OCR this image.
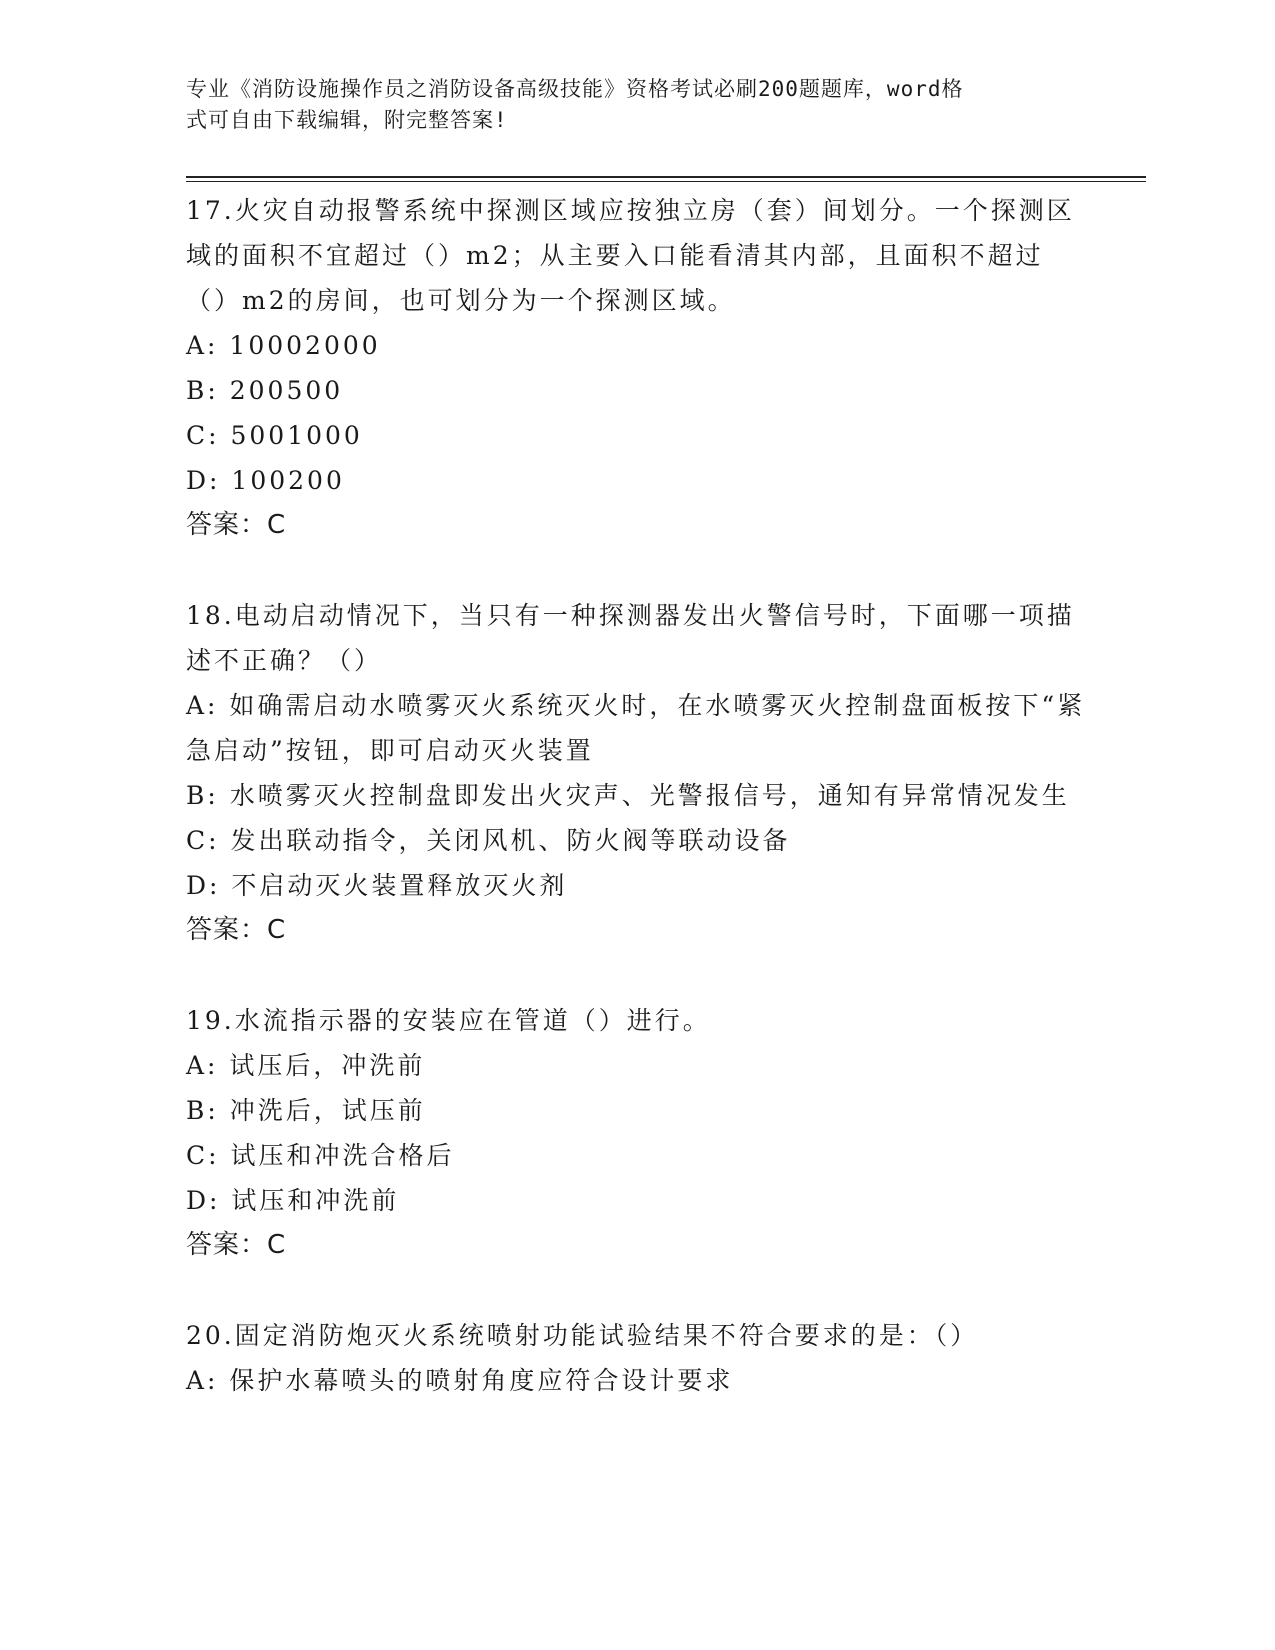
专业《消防设施操作员之消防设备高级技能》资格考试必刷200题题库，word格
式可自由下载编辑，附完整答案!

17.火灾自动报警系统中探测区域应按独立房（套）间划分。一个探测区域的面积不宜超过（）m2；从主要入口能看清其内部，且面积不超过（）m2的房间，也可划分为一个探测区域。

A: 10002000

B: 200500

C: 5001000

D: 100200

答案：C

18.电动启动情况下，当只有一种探测器发出火警信号时，下面哪一项描述不正确？（）

A: 如确需启动水喷雾灭火系统灭火时，在水喷雾灭火控制盘面板按下“紧急启动”按钮，即可启动灭火装置

B: 水喷雾灭火控制盘即发出火灾声、光警报信号，通知有异常情况发生

C: 发出联动指令，关闭风机、防火阀等联动设备

D: 不启动灭火装置释放灭火剂

答案：C

19.水流指示器的安装应在管道（）进行。

A: 试压后，冲洗前

B: 冲洗后，试压前

C: 试压和冲洗合格后

D: 试压和冲洗前

答案：C

20.固定消防炮灭火系统喷射功能试验结果不符合要求的是：（）

A: 保护水幕喷头的喷射角度应符合设计要求
